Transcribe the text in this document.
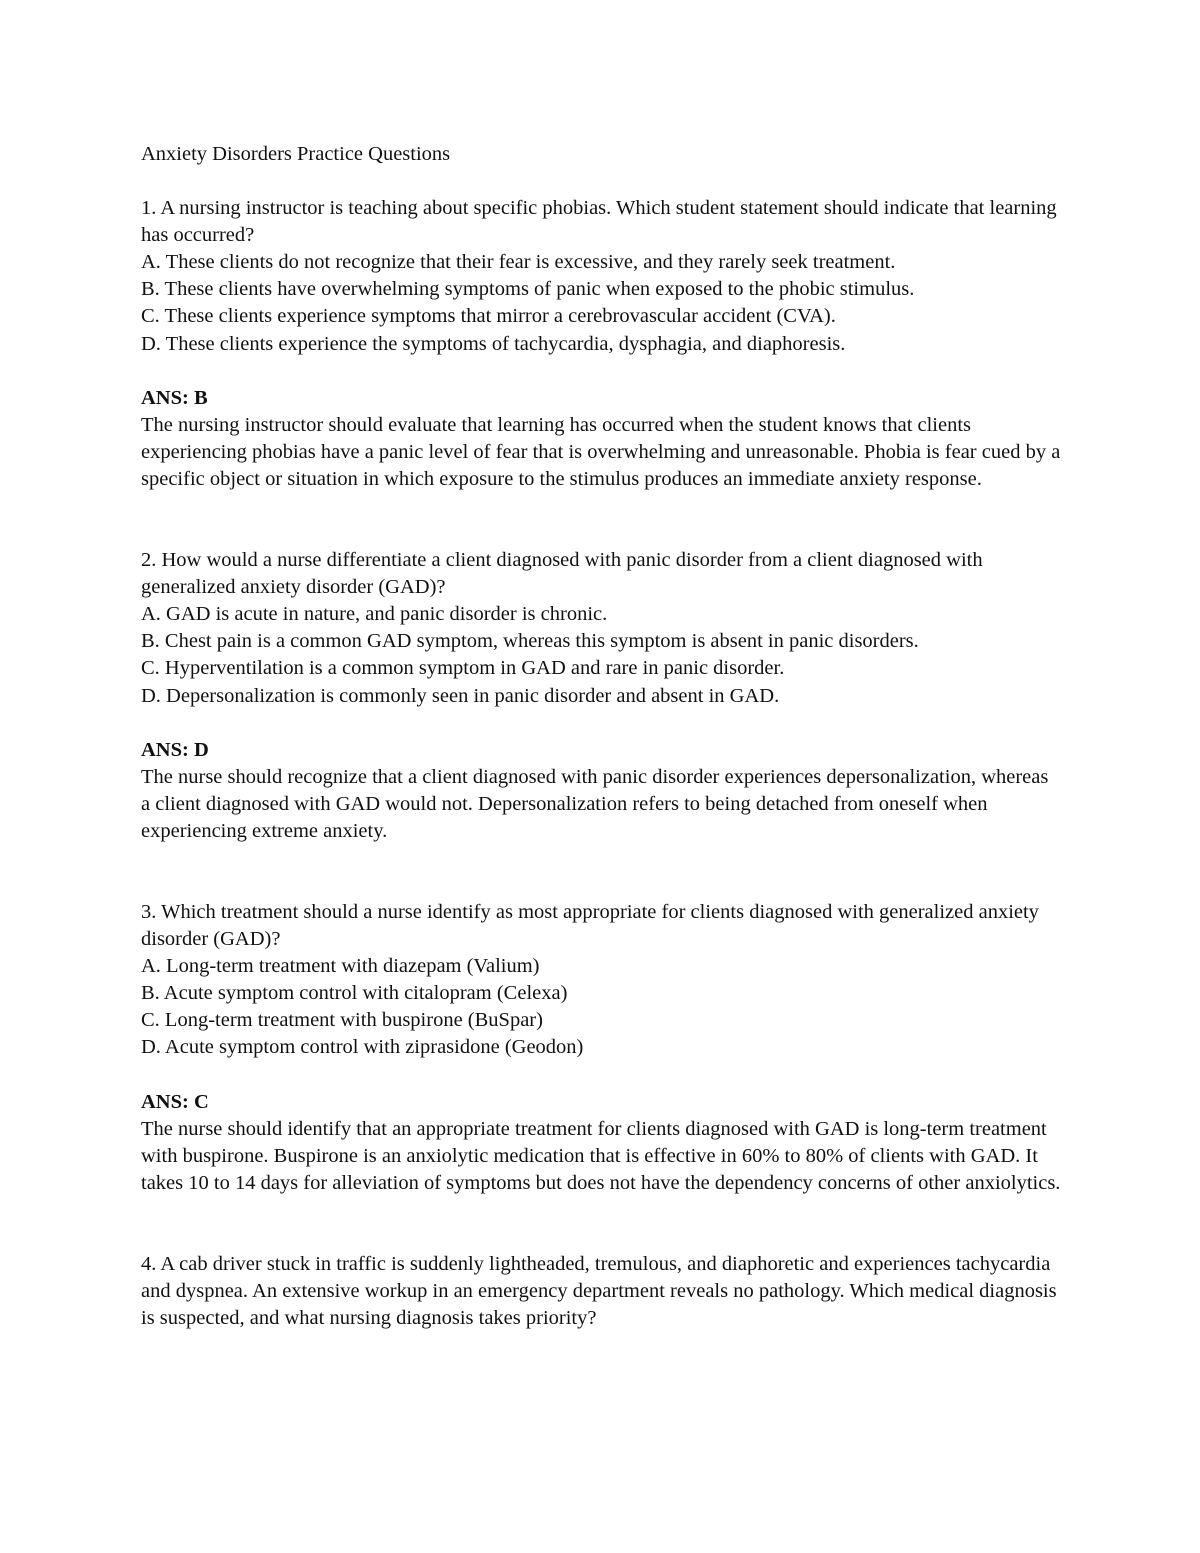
Anxiety Disorders Practice Questions

1. A nursing instructor is teaching about specific phobias. Which student statement should indicate that learning has occurred?

A. These clients do not recognize that their fear is excessive, and they rarely seek treatment.

B. These clients have overwhelming symptoms of panic when exposed to the phobic stimulus.

C. These clients experience symptoms that mirror a cerebrovascular accident (CVA).

D. These clients experience the symptoms of tachycardia, dysphagia, and diaphoresis.

ANS: B

The nursing instructor should evaluate that learning has occurred when the student knows that clients experiencing phobias have a panic level of fear that is overwhelming and unreasonable. Phobia is fear cued by a specific object or situation in which exposure to the stimulus produces an immediate anxiety response.

2. How would a nurse differentiate a client diagnosed with panic disorder from a client diagnosed with generalized anxiety disorder (GAD)?

A. GAD is acute in nature, and panic disorder is chronic.

B. Chest pain is a common GAD symptom, whereas this symptom is absent in panic disorders.

C. Hyperventilation is a common symptom in GAD and rare in panic disorder.

D. Depersonalization is commonly seen in panic disorder and absent in GAD.

ANS: D

The nurse should recognize that a client diagnosed with panic disorder experiences depersonalization, whereas a client diagnosed with GAD would not. Depersonalization refers to being detached from oneself when experiencing extreme anxiety.

3. Which treatment should a nurse identify as most appropriate for clients diagnosed with generalized anxiety disorder (GAD)?

A. Long-term treatment with diazepam (Valium)

B. Acute symptom control with citalopram (Celexa)

C. Long-term treatment with buspirone (BuSpar)

D. Acute symptom control with ziprasidone (Geodon)

ANS: C

The nurse should identify that an appropriate treatment for clients diagnosed with GAD is long-term treatment with buspirone. Buspirone is an anxiolytic medication that is effective in 60% to 80% of clients with GAD. It takes 10 to 14 days for alleviation of symptoms but does not have the dependency concerns of other anxiolytics.

4. A cab driver stuck in traffic is suddenly lightheaded, tremulous, and diaphoretic and experiences tachycardia and dyspnea. An extensive workup in an emergency department reveals no pathology. Which medical diagnosis is suspected, and what nursing diagnosis takes priority?
